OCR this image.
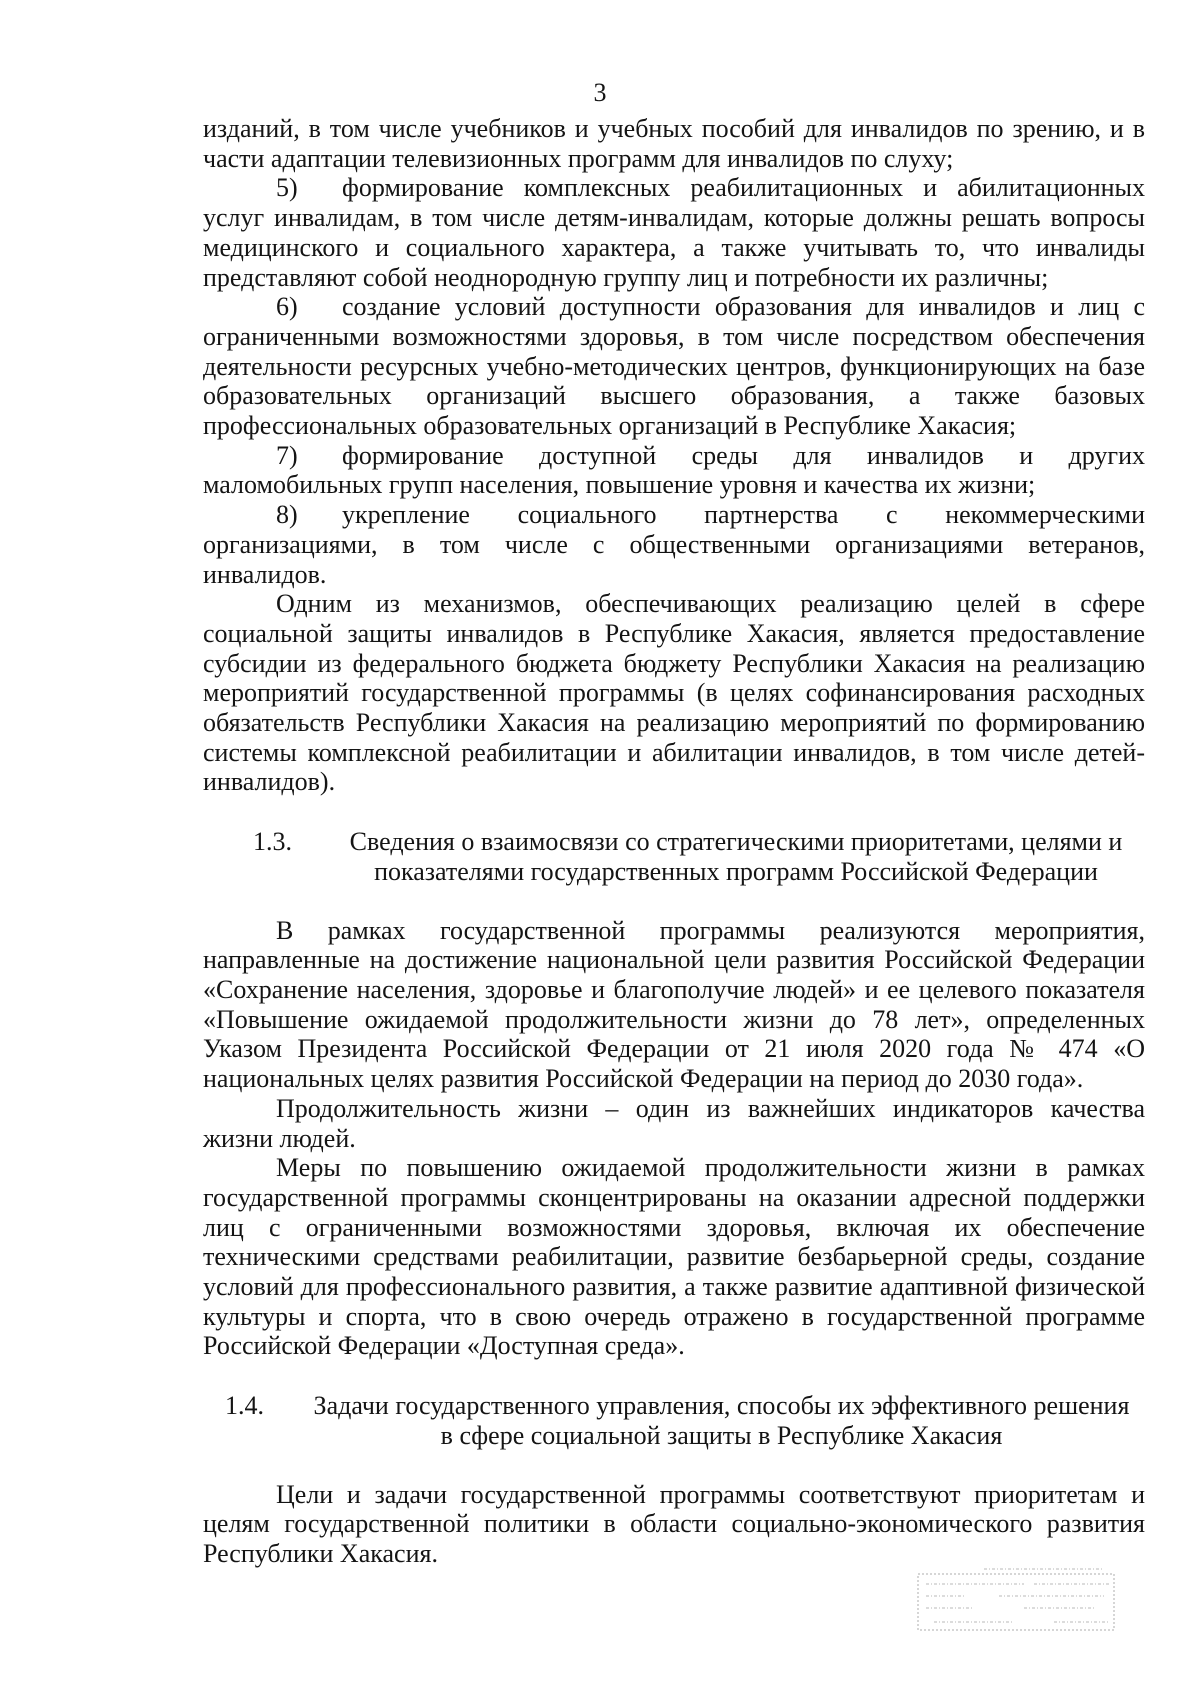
3

изданий, в том числе учебников и учебных пособий для инвалидов по зрению, и в части адаптации телевизионных программ для инвалидов по слуху;

5) формирование комплексных реабилитационных и абилитационных услуг инвалидам, в том числе детям-инвалидам, которые должны решать вопросы медицинского и социального характера, а также учитывать то, что инвалиды представляют собой неоднородную группу лиц и потребности их различны;

6) создание условий доступности образования для инвалидов и лиц с ограниченными возможностями здоровья, в том числе посредством обеспечения деятельности ресурсных учебно-методических центров, функционирующих на базе образовательных организаций высшего образования, а также базовых профессиональных образовательных организаций в Республике Хакасия;

7) формирование доступной среды для инвалидов и других маломобильных групп населения, повышение уровня и качества их жизни;

8) укрепление социального партнерства с некоммерческими организациями, в том числе с общественными организациями ветеранов, инвалидов.

Одним из механизмов, обеспечивающих реализацию целей в сфере социальной защиты инвалидов в Республике Хакасия, является предоставление субсидии из федерального бюджета бюджету Республики Хакасия на реализацию мероприятий государственной программы (в целях софинансирования расходных обязательств Республики Хакасия на реализацию мероприятий по формированию системы комплексной реабилитации и абилитации инвалидов, в том числе детей-инвалидов).

1.3.	Сведения о взаимосвязи со стратегическими приоритетами, целями и
показателями государственных программ Российской Федерации

В рамках государственной программы реализуются мероприятия, направленные на достижение национальной цели развития Российской Федерации «Сохранение населения, здоровье и благополучие людей» и ее целевого показателя «Повышение ожидаемой продолжительности жизни до 78 лет», определенных Указом Президента Российской Федерации от 21 июля 2020 года № 474 «О национальных целях развития Российской Федерации на период до 2030 года».

Продолжительность жизни – один из важнейших индикаторов качества жизни людей.

Меры по повышению ожидаемой продолжительности жизни в рамках государственной программы сконцентрированы на оказании адресной поддержки лиц с ограниченными возможностями здоровья, включая их обеспечение техническими средствами реабилитации, развитие безбарьерной среды, создание условий для профессионального развития, а также развитие адаптивной физической культуры и спорта, что в свою очередь отражено в государственной программе Российской Федерации «Доступная среда».

1.4.	Задачи государственного управления, способы их эффективного решения
в сфере социальной защиты в Республике Хакасия

Цели и задачи государственной программы соответствуют приоритетам и целям государственной политики в области социально-экономического развития Республики Хакасия.
